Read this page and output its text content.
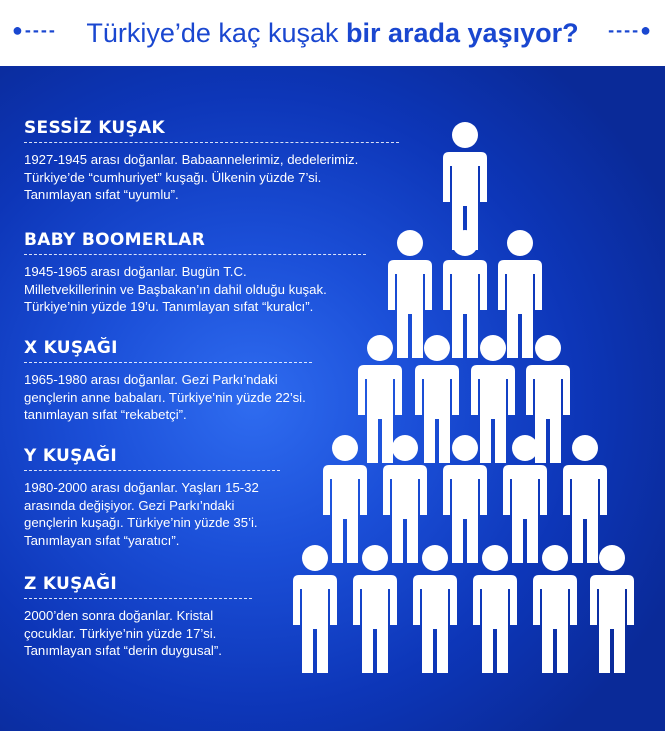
●‑‑‑‑ Türkiye’de kaç kuşak bir arada yaşıyor? ‑‑‑‑●
SESSİZ KUŞAK

1927-1945 arası doğanlar. Babaannelerimiz, dedelerimiz.
Türkiye’de “cumhuriyet” kuşağı. Ülkenin yüzde 7’si.
Tanımlayan sıfat “uyumlu”.

BABY BOOMERLAR

1945-1965 arası doğanlar. Bugün T.C.
Milletvekillerinin ve Başbakan’ın dahil olduğu kuşak.
Türkiye’nin yüzde 19’u. Tanımlayan sıfat “kuralcı”.

X KUŞAĞI

1965-1980 arası doğanlar. Gezi Parkı’ndaki
gençlerin anne babaları. Türkiye’nin yüzde 22’si.
tanımlayan sıfat “rekabetçi”.

Y KUŞAĞI

1980-2000 arası doğanlar. Yaşları 15-32
arasında değişiyor. Gezi Parkı’ndaki
gençlerin kuşağı. Türkiye’nin yüzde 35’i.
Tanımlayan sıfat “yaratıcı”.

Z KUŞAĞI

2000’den sonra doğanlar. Kristal
çocuklar. Türkiye’nin yüzde 17’si.
Tanımlayan sıfat “derin duygusal”.
